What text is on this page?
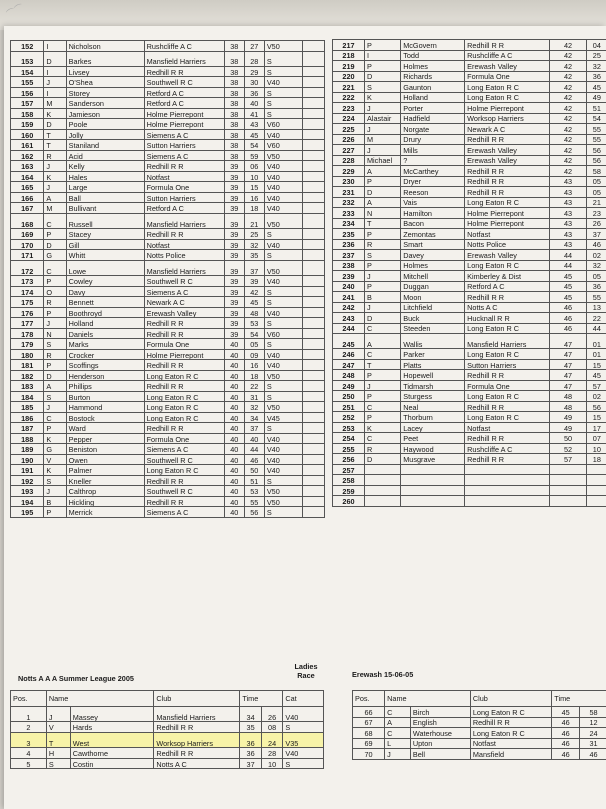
⌒⌒
152	I	Nicholson	Rushcliffe A C	38	27	V50	
153	D	Barkes	Mansfield Harriers	38	28	S	
154	I	Livsey	Redhill R R	38	29	S	
155	J	O'Shea	Southwell R C	38	30	V40	
156	I	Storey	Retford A C	38	36	S	
157	M	Sanderson	Retford A C	38	40	S	
158	K	Jamieson	Holme Pierrepont	38	41	S	
159	D	Poole	Holme Pierrepont	38	43	V60	
160	T	Jolly	Siemens A C	38	45	V40	
161	T	Staniland	Sutton Harriers	38	54	V60	
162	R	Acid	Siemens A C	38	59	V50	
163	J	Kelly	Redhill R R	39	06	V40	
164	K	Hales	Notfast	39	10	V40	
165	J	Large	Formula One	39	15	V40	
166	A	Ball	Sutton Harriers	39	16	V40	
167	M	Bullivant	Retford A C	39	18	V40	
168	C	Russell	Mansfield Harriers	39	21	V50	
169	P	Stacey	Redhill R R	39	25	S	
170	D	Gill	Notfast	39	32	V40	
171	G	Whitt	Notts Police	39	35	S	
172	C	Lowe	Mansfield Harriers	39	37	V50	
173	P	Cowley	Southwell R C	39	39	V40	
174	O	Davy	Siemens A C	39	42	S	
175	R	Bennett	Newark A C	39	45	S	
176	P	Boothroyd	Erewash Valley	39	48	V40	
177	J	Holland	Redhill R R	39	53	S	
178	N	Daniels	Redhill R R	39	54	V60	
179	S	Marks	Formula One	40	05	S	
180	R	Crocker	Holme Pierrepont	40	09	V40	
181	P	Scoffings	Redhill R R	40	16	V40	
182	D	Henderson	Long Eaton R C	40	18	V50	
183	A	Phillips	Redhill R R	40	22	S	
184	S	Burton	Long Eaton R C	40	31	S	
185	J	Hammond	Long Eaton R C	40	32	V50	
186	C	Bostock	Long Eaton R C	40	34	V45	
187	P	Ward	Redhill R R	40	37	S	
188	K	Pepper	Formula One	40	40	V40	
189	G	Beniston	Siemens A C	40	44	V40	
190	V	Owen	Southwell R C	40	46	V40	
191	K	Palmer	Long Eaton R C	40	50	V40	
192	S	Kneller	Redhill R R	40	51	S	
193	J	Calthrop	Southwell R C	40	53	V50	
194	B	Hickling	Redhill R R	40	55	V50	
195	P	Merrick	Siemens A C	40	56	S	
217	P	McGovern	Redhill R R	42	04
218	I	Todd	Rushcliffe A C	42	25
219	P	Holmes	Erewash Valley	42	32
220	D	Richards	Formula One	42	36
221	S	Gaunton	Long Eaton R C	42	45
222	K	Holland	Long Eaton R C	42	49
223	J	Porter	Holme Pierrepont	42	51
224	Alastair	Hadfield	Worksop Harriers	42	54
225	J	Norgate	Newark A C	42	55
226	M	Drury	Redhill R R	42	55
227	J	Mills	Erewash Valley	42	56
228	Michael	?	Erewash Valley	42	56
229	A	McCarthey	Redhill R R	42	58
230	P	Dryer	Redhill R R	43	05
231	D	Reeson	Redhill R R	43	05
232	A	Vais	Long Eaton R C	43	21
233	N	Hamilton	Holme Pierrepont	43	23
234	T	Bacon	Holme Pierrepont	43	26
235	P	Zemontas	Notfast	43	37
236	R	Smart	Notts Police	43	46
237	S	Davey	Erewash Valley	44	02
238	P	Holmes	Long Eaton R C	44	32
239	J	Mitchell	Kimberley & Dist	45	05
240	P	Duggan	Retford A C	45	36
241	B	Moon	Redhill R R	45	55
242	J	Litchfield	Notts A C	46	13
243	D	Buck	Hucknall R R	46	22
244	C	Steeden	Long Eaton R C	46	44
245	A	Wallis	Mansfield Harriers	47	01
246	C	Parker	Long Eaton R C	47	01
247	T	Platts	Sutton Harriers	47	15
248	P	Hopewell	Redhill R R	47	45
249	J	Tidmarsh	Formula One	47	57
250	P	Sturgess	Long Eaton R C	48	02
251	C	Neal	Redhill R R	48	56
252	P	Thorburn	Long Eaton R C	49	15
253	K	Lacey	Notfast	49	17
254	C	Peet	Redhill R R	50	07
255	R	Haywood	Rushcliffe A C	52	10
256	D	Musgrave	Redhill R R	57	18
257					
258					
259					
260					
Notts A A A Summer League 2005
Ladies Race	Erewash 15-06-05
Pos.	Name		Club	Time		Cat
1	J	Massey	Mansfield Harriers	34	26	V40
2	V	Hards	Redhill R R	35	08	S
3	T	West	Worksop Harriers	36	24	V35
4	H	Cawthorne	Redhill R R	36	28	V40
5	S	Costin	Notts A C	37	10	S
Pos.	Name		Club	Time	
66	C	Birch	Long Eaton R C	45	58
67	A	English	Redhill R R	46	12
68	C	Waterhouse	Long Eaton R C	46	24
69	L	Upton	Notfast	46	31
70	J	Bell	Mansfield	46	46
